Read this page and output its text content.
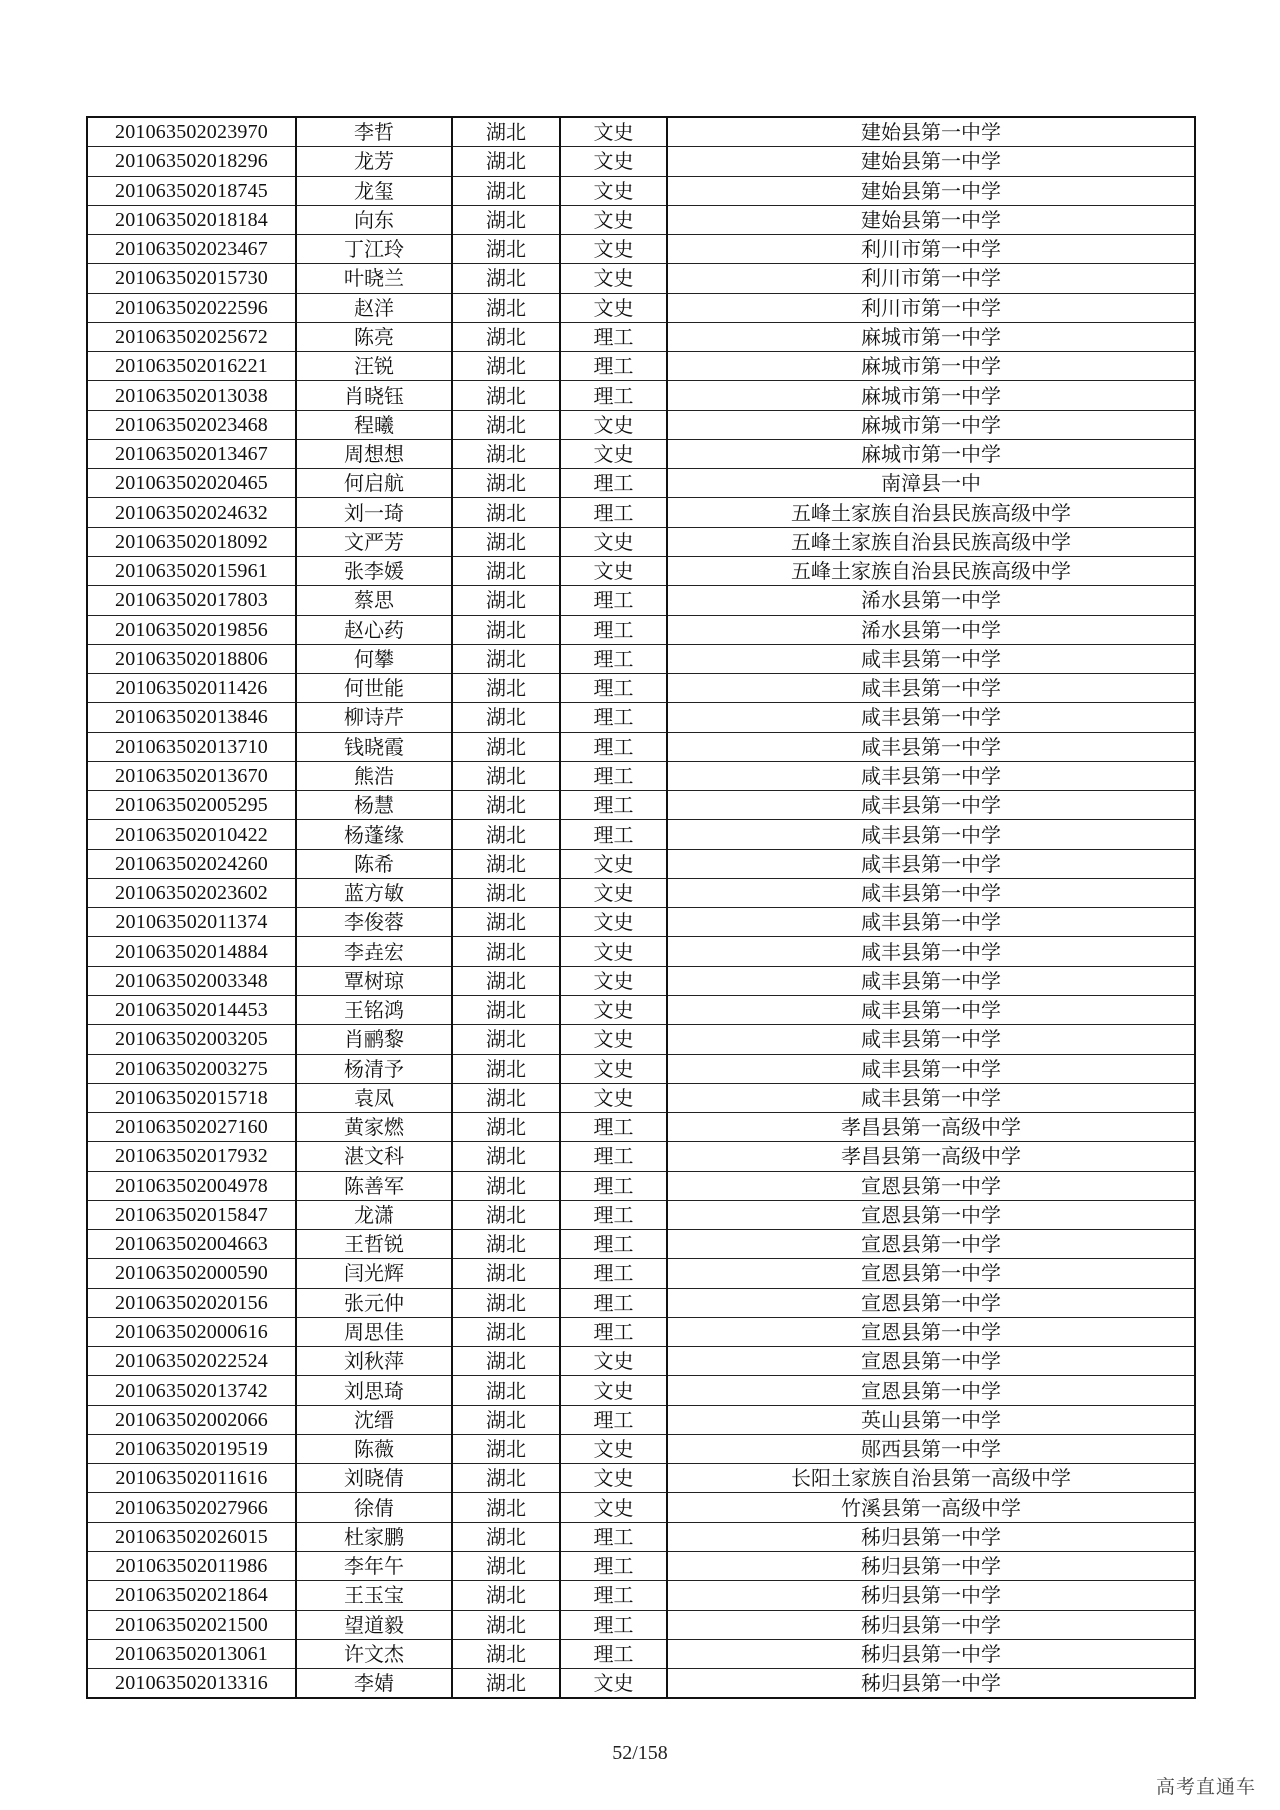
201063502023970	李哲	湖北	文史	建始县第一中学
201063502018296	龙芳	湖北	文史	建始县第一中学
201063502018745	龙玺	湖北	文史	建始县第一中学
201063502018184	向东	湖北	文史	建始县第一中学
201063502023467	丁江玲	湖北	文史	利川市第一中学
201063502015730	叶晓兰	湖北	文史	利川市第一中学
201063502022596	赵洋	湖北	文史	利川市第一中学
201063502025672	陈亮	湖北	理工	麻城市第一中学
201063502016221	汪锐	湖北	理工	麻城市第一中学
201063502013038	肖晓钰	湖北	理工	麻城市第一中学
201063502023468	程曦	湖北	文史	麻城市第一中学
201063502013467	周想想	湖北	文史	麻城市第一中学
201063502020465	何启航	湖北	理工	南漳县一中
201063502024632	刘一琦	湖北	理工	五峰土家族自治县民族高级中学
201063502018092	文严芳	湖北	文史	五峰土家族自治县民族高级中学
201063502015961	张李媛	湖北	文史	五峰土家族自治县民族高级中学
201063502017803	蔡思	湖北	理工	浠水县第一中学
201063502019856	赵心药	湖北	理工	浠水县第一中学
201063502018806	何攀	湖北	理工	咸丰县第一中学
201063502011426	何世能	湖北	理工	咸丰县第一中学
201063502013846	柳诗芹	湖北	理工	咸丰县第一中学
201063502013710	钱晓霞	湖北	理工	咸丰县第一中学
201063502013670	熊浩	湖北	理工	咸丰县第一中学
201063502005295	杨慧	湖北	理工	咸丰县第一中学
201063502010422	杨蓬缘	湖北	理工	咸丰县第一中学
201063502024260	陈希	湖北	文史	咸丰县第一中学
201063502023602	蓝方敏	湖北	文史	咸丰县第一中学
201063502011374	李俊蓉	湖北	文史	咸丰县第一中学
201063502014884	李垚宏	湖北	文史	咸丰县第一中学
201063502003348	覃树琼	湖北	文史	咸丰县第一中学
201063502014453	王铭鸿	湖北	文史	咸丰县第一中学
201063502003205	肖鹂黎	湖北	文史	咸丰县第一中学
201063502003275	杨清予	湖北	文史	咸丰县第一中学
201063502015718	袁凤	湖北	文史	咸丰县第一中学
201063502027160	黄家燃	湖北	理工	孝昌县第一高级中学
201063502017932	湛文科	湖北	理工	孝昌县第一高级中学
201063502004978	陈善军	湖北	理工	宣恩县第一中学
201063502015847	龙潇	湖北	理工	宣恩县第一中学
201063502004663	王哲锐	湖北	理工	宣恩县第一中学
201063502000590	闫光辉	湖北	理工	宣恩县第一中学
201063502020156	张元仲	湖北	理工	宣恩县第一中学
201063502000616	周思佳	湖北	理工	宣恩县第一中学
201063502022524	刘秋萍	湖北	文史	宣恩县第一中学
201063502013742	刘思琦	湖北	文史	宣恩县第一中学
201063502002066	沈缙	湖北	理工	英山县第一中学
201063502019519	陈薇	湖北	文史	郧西县第一中学
201063502011616	刘晓倩	湖北	文史	长阳土家族自治县第一高级中学
201063502027966	徐倩	湖北	文史	竹溪县第一高级中学
201063502026015	杜家鹏	湖北	理工	秭归县第一中学
201063502011986	李年午	湖北	理工	秭归县第一中学
201063502021864	王玉宝	湖北	理工	秭归县第一中学
201063502021500	望道毅	湖北	理工	秭归县第一中学
201063502013061	许文杰	湖北	理工	秭归县第一中学
201063502013316	李婧	湖北	文史	秭归县第一中学
52/158
高考直通车
